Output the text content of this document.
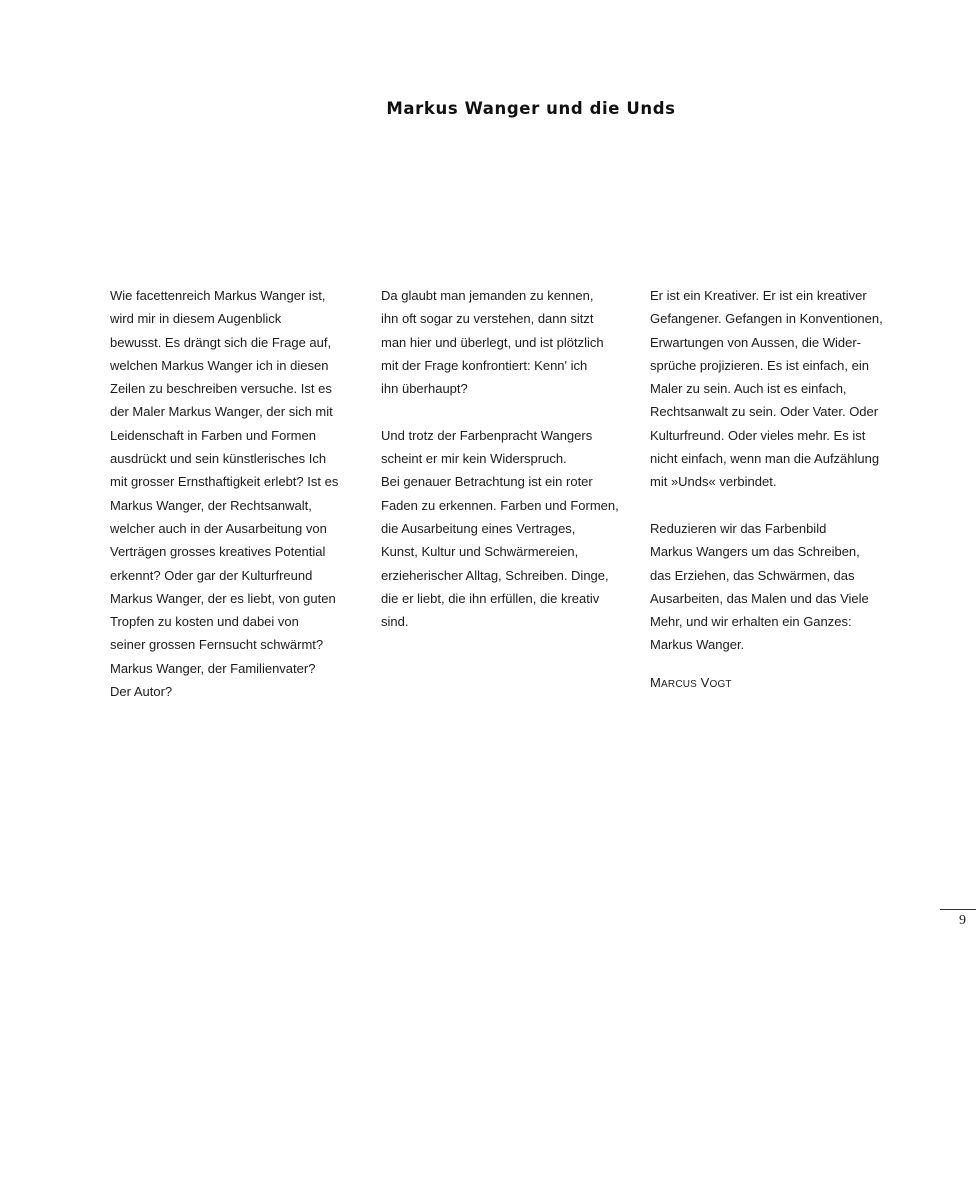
Markus Wanger und die Unds
Wie facettenreich Markus Wanger ist,
wird mir in diesem Augenblick
bewusst. Es drängt sich die Frage auf,
welchen Markus Wanger ich in diesen
Zeilen zu beschreiben versuche. Ist es
der Maler Markus Wanger, der sich mit
Leidenschaft in Farben und Formen
ausdrückt und sein künstlerisches Ich
mit grosser Ernsthaftigkeit erlebt? Ist es
Markus Wanger, der Rechtsanwalt,
welcher auch in der Ausarbeitung von
Verträgen grosses kreatives Potential
erkennt? Oder gar der Kulturfreund
Markus Wanger, der es liebt, von guten
Tropfen zu kosten und dabei von
seiner grossen Fernsucht schwärmt?
Markus Wanger, der Familienvater?
Der Autor?
Da glaubt man jemanden zu kennen,
ihn oft sogar zu verstehen, dann sitzt
man hier und überlegt, und ist plötzlich
mit der Frage konfrontiert: Kenn' ich
ihn überhaupt?
Und trotz der Farbenpracht Wangers
scheint er mir kein Widerspruch.
Bei genauer Betrachtung ist ein roter
Faden zu erkennen. Farben und Formen,
die Ausarbeitung eines Vertrages,
Kunst, Kultur und Schwärmereien,
erzieherischer Alltag, Schreiben. Dinge,
die er liebt, die ihn erfüllen, die kreativ
sind.
Er ist ein Kreativer. Er ist ein kreativer
Gefangener. Gefangen in Konventionen,
Erwartungen von Aussen, die Wider-
sprüche projizieren. Es ist einfach, ein
Maler zu sein. Auch ist es einfach,
Rechtsanwalt zu sein. Oder Vater. Oder
Kulturfreund. Oder vieles mehr. Es ist
nicht einfach, wenn man die Aufzählung
mit »Unds« verbindet.
Reduzieren wir das Farbenbild
Markus Wangers um das Schreiben,
das Erziehen, das Schwärmen, das
Ausarbeiten, das Malen und das Viele
Mehr, und wir erhalten ein Ganzes:
Markus Wanger.
MARCUS VOGT
9
